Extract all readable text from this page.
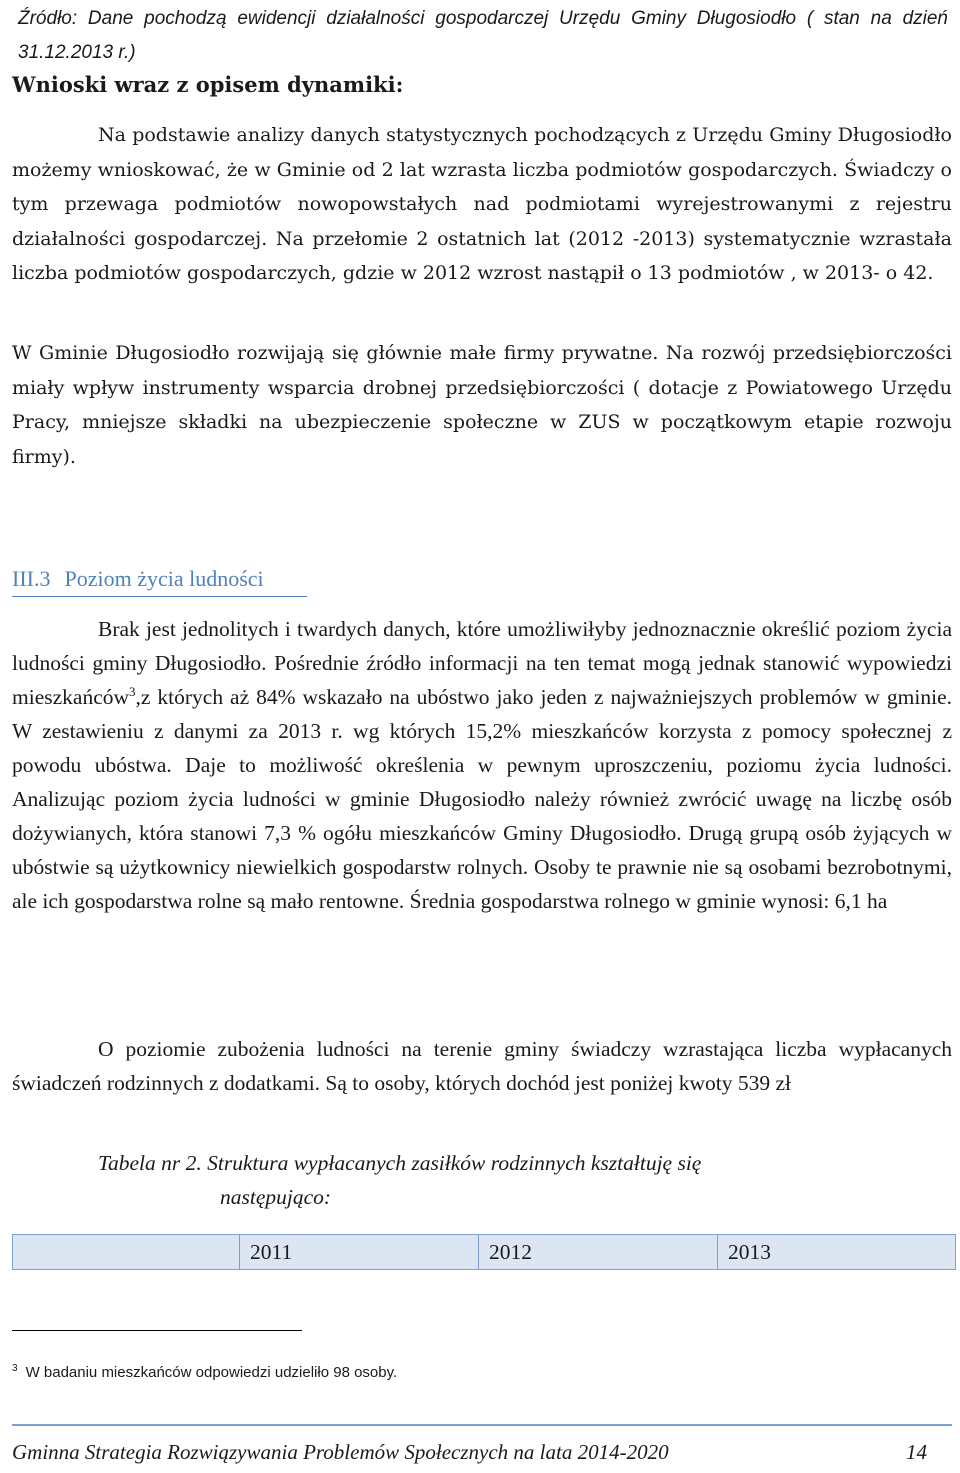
Źródło: Dane pochodzą ewidencji działalności gospodarczej Urzędu Gminy Długosiodło ( stan na dzień 31.12.2013 r.)
Wnioski wraz z opisem dynamiki:

Na podstawie analizy danych statystycznych pochodzących z Urzędu Gminy Długosiodło możemy wnioskować, że w Gminie od 2 lat wzrasta liczba podmiotów gospodarczych. Świadczy o tym przewaga podmiotów nowopowstałych nad podmiotami wyrejestrowanymi z rejestru działalności gospodarczej. Na przełomie 2 ostatnich lat (2012 -2013) systematycznie wzrastała liczba podmiotów gospodarczych, gdzie w 2012 wzrost nastąpił o 13 podmiotów , w 2013- o 42.

W Gminie Długosiodło rozwijają się głównie małe firmy prywatne. Na rozwój przedsiębiorczości miały wpływ instrumenty wsparcia drobnej przedsiębiorczości ( dotacje z Powiatowego Urzędu Pracy, mniejsze składki na ubezpieczenie społeczne w ZUS w początkowym etapie rozwoju firmy).

III.3 Poziom życia ludności

Brak jest jednolitych i twardych danych, które umożliwiłyby jednoznacznie określić poziom życia ludności gminy Długosiodło. Pośrednie źródło informacji na ten temat mogą jednak stanowić wypowiedzi mieszkańców$^3$,z których aż 84% wskazało na ubóstwo jako jeden z najważniejszych problemów w gminie. W zestawieniu z danymi za 2013 r. wg których 15,2% mieszkańców korzysta z pomocy społecznej z powodu ubóstwa. Daje to możliwość określenia w pewnym uproszczeniu, poziomu życia ludności. Analizując poziom życia ludności w gminie Długosiodło należy również zwrócić uwagę na liczbę osób dożywianych, która stanowi 7,3 % ogółu mieszkańców Gminy Długosiodło. Drugą grupą osób żyjących w ubóstwie są użytkownicy niewielkich gospodarstw rolnych. Osoby te prawnie nie są osobami bezrobotnymi, ale ich gospodarstwa rolne są mało rentowne. Średnia gospodarstwa rolnego w gminie wynosi: 6,1 ha

O poziomie zubożenia ludności na terenie gminy świadczy wzrastająca liczba wypłacanych świadczeń rodzinnych z dodatkami. Są to osoby, których dochód jest poniżej kwoty 539 zł

Tabela nr 2. Struktura wypłacanych zasiłków rodzinnych kształtuję się
następująco:
	2011	2012	2013
$^3$ W badaniu mieszkańców odpowiedzi udzieliło 98 osoby.
Gminna Strategia Rozwiązywania Problemów Społecznych na lata 2014-2020	14
